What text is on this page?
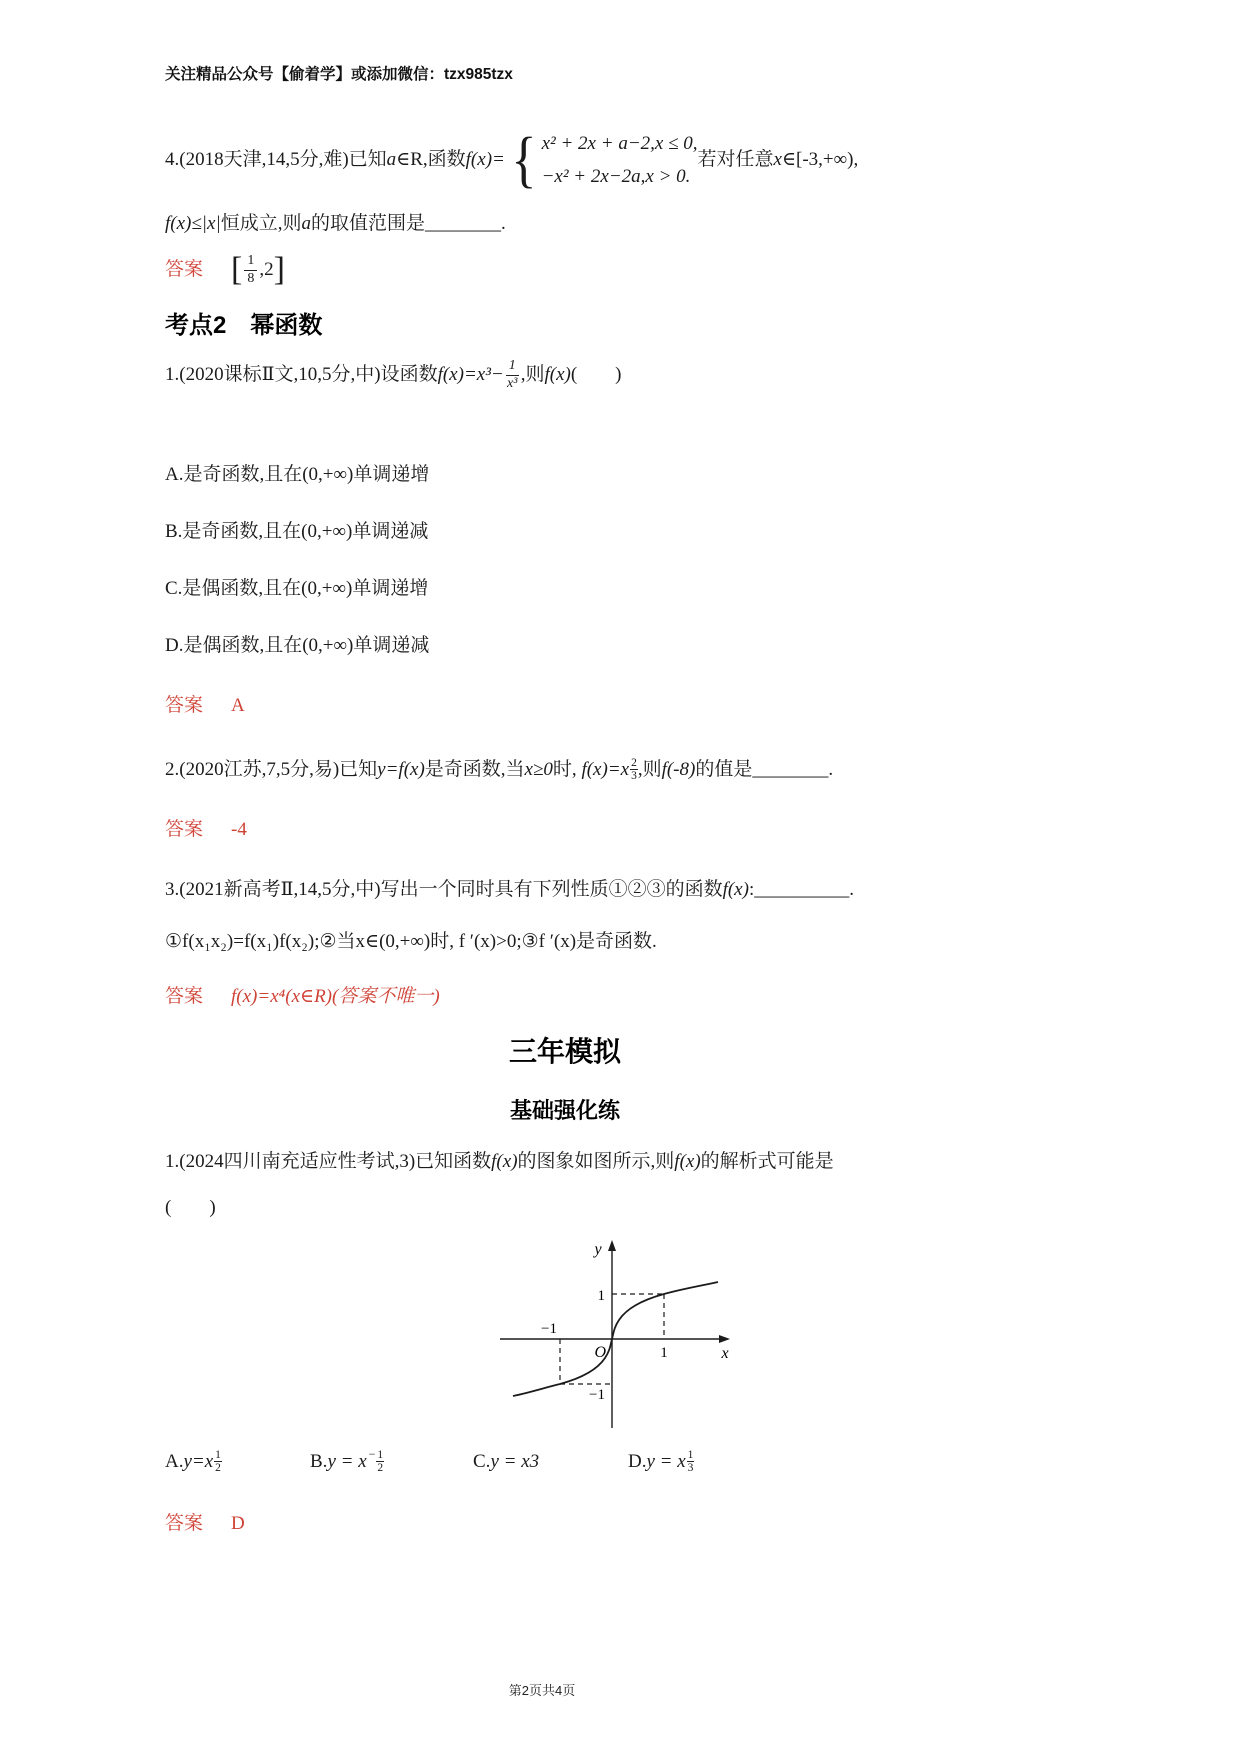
关注精品公众号【偷着学】或添加微信：tzx985tzx
4.(2018天津,14,5分,难)已知 a ∈R,函数 f(x)= { x² + 2x + a−2,x ≤ 0,
−x² + 2x−2a,x > 0.
若对任意 x ∈[-3,+∞),
f(x)≤|x|恒成立,则a的取值范围是________.
答案 [ $\frac{1}{8} ,2$ ]
考点2　幂函数
1.(2020课标Ⅱ文,10,5分,中)设函数 $f(x)=x^3- \frac{1}{\text{x³}}$ ,则 f(x) (　　)
A.是奇函数,且在(0,+∞)单调递增
B.是奇函数,且在(0,+∞)单调递减
C.是偶函数,且在(0,+∞)单调递增
D.是偶函数,且在(0,+∞)单调递减
答案 A
2.(2020江苏,7,5分,易)已知y=f(x)是奇函数,当x≥0时, $f(x)=x \frac{2}{3}$ ,则f(-8)的值是________.
答案 -4
3.(2021新高考Ⅱ,14,5分,中)写出一个同时具有下列性质①②③的函数f(x):__________.
①f(x₁x₂)=f(x₁)f(x₂);②当x∈(0,+∞)时, f ′(x)>0;③f ′(x)是奇函数.
答案 f(x)=x⁴(x∈R)(答案不唯一)
三年模拟
基础强化练
1.(2024四川南充适应性考试,3)已知函数f(x)的图象如图所示,则f(x)的解析式可能是
(　　)
y
x
O	1
−1
1
−1
$A.y=x \frac{1}{2}$	B.y = x $^- \frac{1}{2}$	C.y = x3	D.y = x $\frac{1}{3}$
答案 D
第2页共4页
